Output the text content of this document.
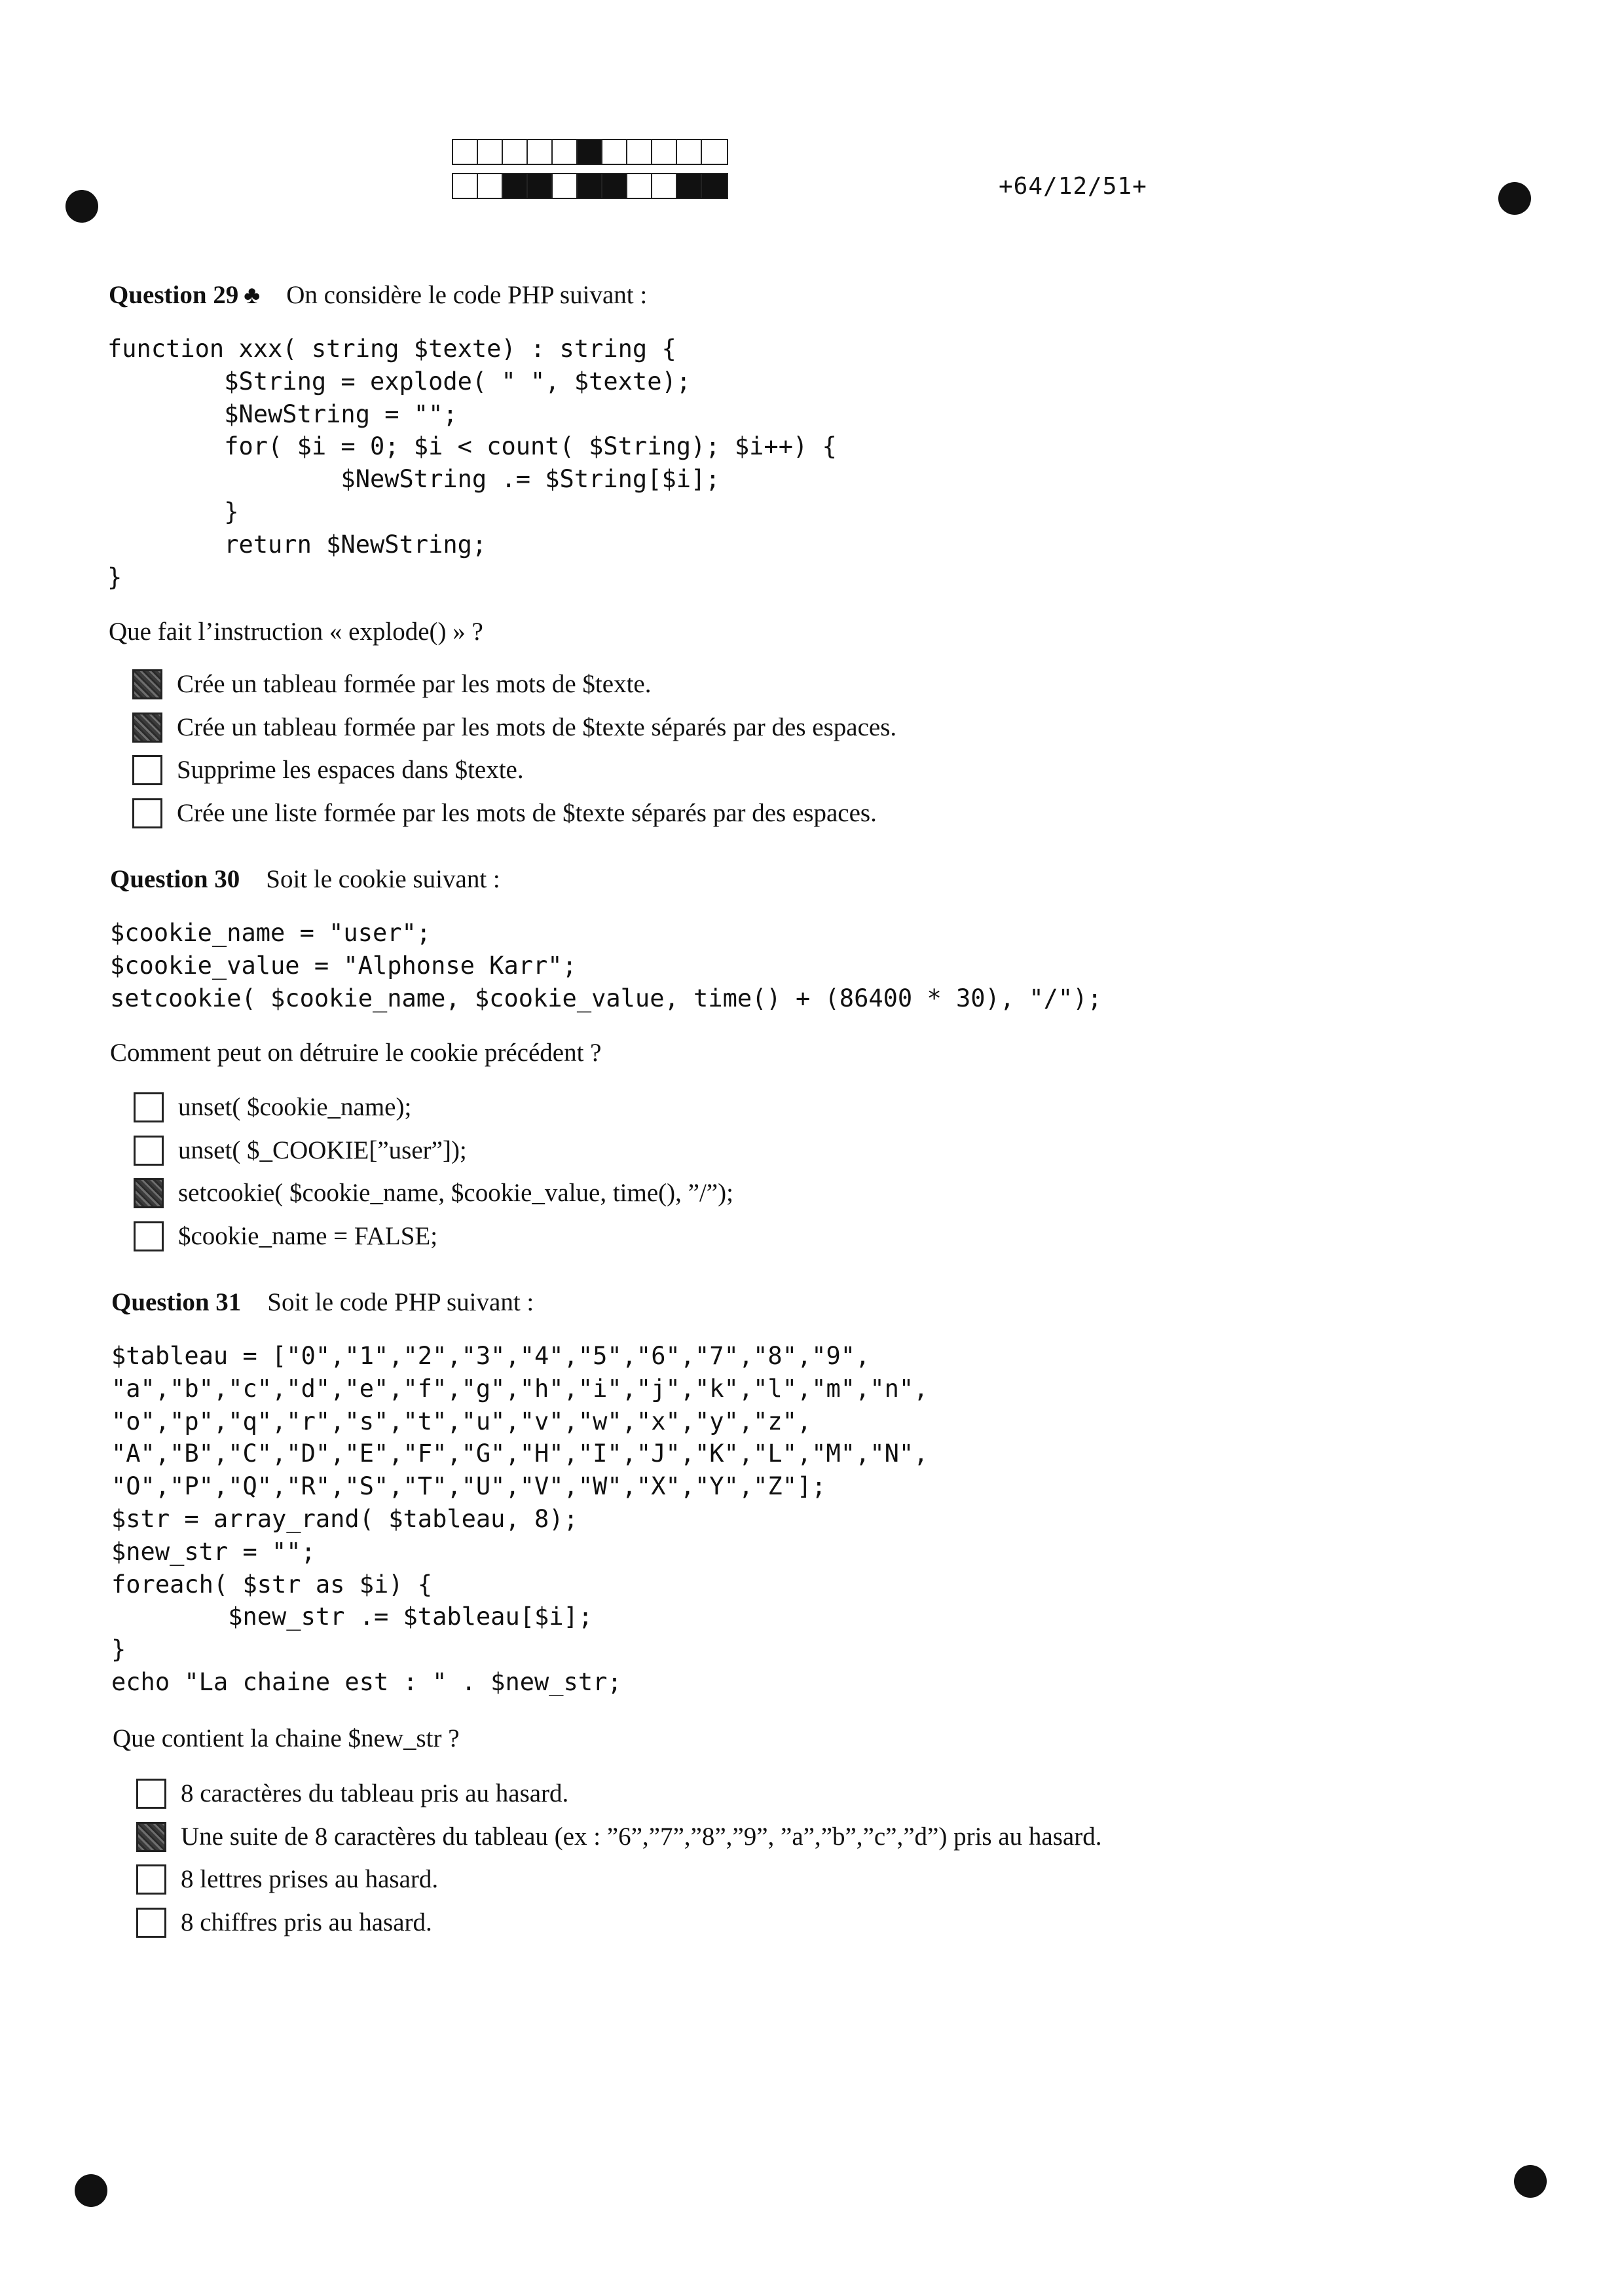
+64/12/51+
Question 29 ♣ On considère le code PHP suivant :
function xxx( string $texte) : string {
$String = explode( " ", $texte);
$NewString = "";
for( $i = 0; $i < count( $String); $i++) {
$NewString .= $String[$i];
}
return $NewString;
}
Que fait l’instruction « explode() » ?
Crée un tableau formée par les mots de $texte.
Crée un tableau formée par les mots de $texte séparés par des espaces.
Supprime les espaces dans $texte.
Crée une liste formée par les mots de $texte séparés par des espaces.
Question 30 Soit le cookie suivant :
$cookie_name = "user";
$cookie_value = "Alphonse Karr";
setcookie( $cookie_name, $cookie_value, time() + (86400 * 30), "/");
Comment peut on détruire le cookie précédent ?
unset( $cookie_name);
unset( $_COOKIE[”user”]);
setcookie( $cookie_name, $cookie_value, time(), ”/”);
$cookie_name = FALSE;
Question 31 Soit le code PHP suivant :
$tableau = ["0","1","2","3","4","5","6","7","8","9",
"a","b","c","d","e","f","g","h","i","j","k","l","m","n",
"o","p","q","r","s","t","u","v","w","x","y","z",
"A","B","C","D","E","F","G","H","I","J","K","L","M","N",
"O","P","Q","R","S","T","U","V","W","X","Y","Z"];
$str = array_rand( $tableau, 8);
$new_str = "";
foreach( $str as $i) {
$new_str .= $tableau[$i];
}
echo "La chaine est : " . $new_str;
Que contient la chaine $new_str ?
8 caractères du tableau pris au hasard.
Une suite de 8 caractères du tableau (ex : ”6”,”7”,”8”,”9”, ”a”,”b”,”c”,”d”) pris au hasard.
8 lettres prises au hasard.
8 chiffres pris au hasard.
